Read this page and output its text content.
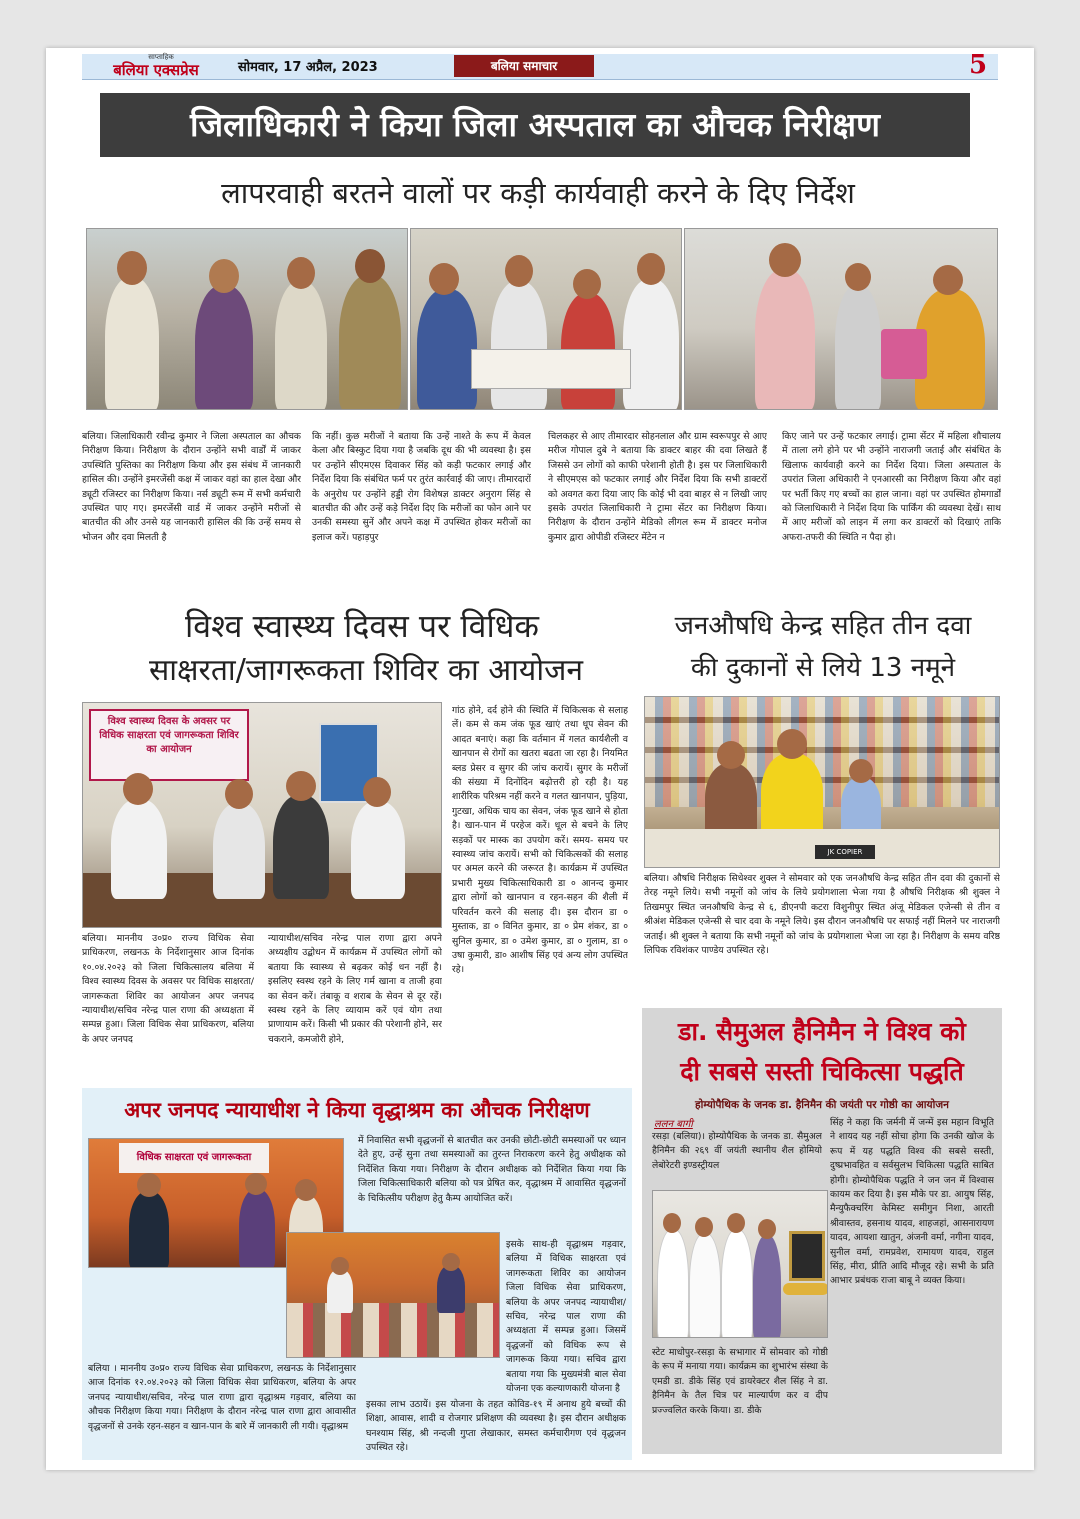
साप्ताहिक
बलिया एक्सप्रेस	सोमवार, 17 अप्रैल, 2023	बलिया समाचार	5
जिलाधिकारी ने किया जिला अस्पताल का औचक निरीक्षण
लापरवाही बरतने वालों पर कड़ी कार्यवाही करने के दिए निर्देश
बलिया। जिलाधिकारी रवीन्द्र कुमार ने जिला अस्पताल का औचक निरीक्षण किया। निरीक्षण के दौरान उन्होंने सभी वार्डों में जाकर उपस्थिति पुस्तिका का निरीक्षण किया और इस संबंध में जानकारी हासिल की। उन्होंने इमरजेंसी कक्ष में जाकर वहां का हाल देखा और ड्यूटी रजिस्टर का निरीक्षण किया। नर्स ड्यूटी रूम में सभी कर्मचारी उपस्थित पाए गए। इमरजेंसी वार्ड में जाकर उन्होंने मरीजों से बातचीत की और उनसे यह जानकारी हासिल की कि उन्हें समय से भोजन और दवा मिलती है
कि नहीं। कुछ मरीजों ने बताया कि उन्हें नाश्ते के रूप में केवल केला और बिस्कुट दिया गया है जबकि दूध की भी व्यवस्था है। इस पर उन्होंने सीएमएस दिवाकर सिंह को कड़ी फटकार लगाई और निर्देश दिया कि संबंधित फर्म पर तुरंत कार्रवाई की जाए। तीमारदारों के अनुरोध पर उन्होंने हड्डी रोग विशेषज्ञ डाक्टर अनुराग सिंह से बातचीत की और उन्हें कड़े निर्देश दिए कि मरीजों का फोन आने पर उनकी समस्या सुनें और अपने कक्ष में उपस्थित होकर मरीजों का इलाज करें। पहाड़पुर
चिलकहर से आए तीमारदार सोहनलाल और ग्राम स्वरूपपुर से आए मरीज गोपाल दुबे ने बताया कि डाक्टर बाहर की दवा लिखते हैं जिससे उन लोगों को काफी परेशानी होती है। इस पर जिलाधिकारी ने सीएमएस को फटकार लगाई और निर्देश दिया कि सभी डाक्टरों को अवगत करा दिया जाए कि कोई भी दवा बाहर से न लिखी जाए इसके उपरांत जिलाधिकारी ने ट्रामा सेंटर का निरीक्षण किया। निरीक्षण के दौरान उन्होंने मेडिको लीगल रूम में डाक्टर मनोज कुमार द्वारा ओपीडी रजिस्टर मेंटेन न
किए जाने पर उन्हें फटकार लगाई। ट्रामा सेंटर में महिला शौचालय में ताला लगे होने पर भी उन्होंने नाराजगी जताई और संबंधित के खिलाफ कार्यवाही करने का निर्देश दिया। जिला अस्पताल के उपरांत जिला अधिकारी ने एनआरसी का निरीक्षण किया और वहां पर भर्ती किए गए बच्चों का हाल जाना। वहां पर उपस्थित होमगार्डों को जिलाधिकारी ने निर्देश दिया कि पार्किंग की व्यवस्था देखें। साथ में आए मरीजों को लाइन में लगा कर डाक्टरों को दिखाएं ताकि अफरा-तफरी की स्थिति न पैदा हो।
विश्व स्वास्थ्य दिवस पर विधिक
साक्षरता/जागरूकता शिविर का आयोजन
विश्व स्वास्थ्य दिवस के अवसर पर विधिक साक्षरता एवं जागरूकता शिविर का आयोजन
बलिया। माननीय उ०प्र० राज्य विधिक सेवा प्राधिकरण, लखनऊ के निर्देशानुसार आज दिनांक १०.०४.२०२३ को जिला चिकित्सालय बलिया में विश्व स्वास्थ्य दिवस के अवसर पर विधिक साक्षरता/जागरूकता शिविर का आयोजन अपर जनपद न्यायाधीश/सचिव नरेन्द्र पाल राणा की अध्यक्षता में सम्पन्न हुआ। जिला विधिक सेवा प्राधिकरण, बलिया के अपर जनपद
न्यायाधीश/सचिव नरेन्द्र पाल राणा द्वारा अपने अध्यक्षीय उद्बोधन में कार्यक्रम में उपस्थित लोगों को बताया कि स्वास्थ्य से बढ़कर कोई धन नहीं है। इसलिए स्वस्थ रहने के लिए गर्म खाना व ताजी हवा का सेवन करें। तंबाकू व शराब के सेवन से दूर रहें। स्वस्थ रहने के लिए व्यायाम करें एवं योग तथा प्राणायाम करें। किसी भी प्रकार की परेशानी होने, सर चकराने, कमजोरी होने,
गांठ होने, दर्द होने की स्थिति में चिकित्सक से सलाह लें। कम से कम जंक फूड खाएं तथा धूप सेवन की आदत बनाएं। कहा कि वर्तमान में गलत कार्यशैली व खानपान से रोगों का खतरा बढता जा रहा है। नियमित ब्लड प्रेसर व सुगर की जांच करायें। सुगर के मरीजों की संख्या में दिनोंदिन बढ़ोत्तरी हो रही है। यह शारीरिक परिश्रम नहीं करने व गलत खानपान, पुड़िया, गुटखा, अधिक चाय का सेवन, जंक फूड खाने से होता है। खान-पान में परहेज करें। धूल से बचने के लिए सड़कों पर मास्क का उपयोग करें। समय- समय पर स्वास्थ्य जांच करायें। सभी को चिकित्सकों की सलाह पर अमल करने की जरूरत है। कार्यक्रम में उपस्थित प्रभारी मुख्य चिकित्साधिकारी डा ० आनन्द कुमार द्वारा लोगों को खानपान व रहन-सहन की शैली में परिवर्तन करने की सलाह दी। इस दौरान डा ० मुस्ताक, डा ० विनित कुमार, डा ० प्रेम शंकर, डा ० सुनिल कुमार, डा ० उमेश कुमार, डा ० गुलाम, डा ० उषा कुमारी, डा० आशीष सिंह एवं अन्य लोग उपस्थित रहे।
जनऔषधि केन्द्र सहित तीन दवा
की दुकानों से लिये 13 नमूने
JK COPIER
बलिया। औषधि निरीक्षक सिधेश्वर शुक्ल ने सोमवार को एक जनऔषधि केन्द्र सहित तीन दवा की दुकानों से तेरह नमूने लिये। सभी नमूनों को जांच के लिये प्रयोगशाला भेजा गया है औषधि निरीक्षक श्री शुक्ल ने तिखमपुर स्थित जनऔषधि केन्द्र से ६, डीएनपी कटरा विशुनीपुर स्थित अंजू मेडिकल एजेन्सी से तीन व श्रीअंश मेडिकल एजेन्सी से चार दवा के नमूने लिये। इस दौरान जनऔषधि पर सफाई नहीं मिलने पर नाराजगी जताई। श्री शुक्ल ने बताया कि सभी नमूनों को जांच के प्रयोगशाला भेजा जा रहा है। निरीक्षण के समय वरिष्ठ लिपिक रविशंकर पाण्डेय उपस्थित रहे।
डा. सैमुअल हैनिमैन ने विश्व को
दी सबसे सस्ती चिकित्सा पद्धति
होम्योपैथिक के जनक डा. हैनिमैन की जयंती पर गोष्ठी का आयोजन
ललन बागी
रसड़ा (बलिया)। होम्योपैथिक के जनक डा. सैमुअल हैनिमैन की २६९ वीं जयंती स्थानीय शैल होमियो लेबोरेटरी इण्डस्ट्रीयल
सिंह ने कहा कि जर्मनी में जन्में इस महान विभूति ने शायद यह नहीं सोचा होगा कि उनकी खोज के रूप में यह पद्धति विश्व की सबसे सस्ती, दुष्प्रभावहित व सर्वसुलभ चिकित्सा पद्धति साबित होगी। होम्योपैथिक पद्धति ने जन जन में विश्वास कायम कर दिया है। इस मौके पर डा. आयुष सिंह, मैन्युफैक्चरिंग केमिस्ट समीगुन निशा, आरती श्रीवास्तव, हसनाथ यादव, शाहजहां, आसनारायण यादव, आयशा खातुन, अंजनी वर्मा, नगीना यादव, सुनील वर्मा, रामप्रवेश, रामायण यादव, राहुल सिंह, मीरा, प्रीति आदि मौजूद रहे। सभी के प्रति आभार प्रबंधक राजा बाबू ने व्यक्त किया।
स्टेट माधोपुर-रसड़ा के सभागार में सोमवार को गोष्ठी के रूप में मनाया गया। कार्यक्रम का शुभारंभ संस्था के एमडी डा. डीके सिंह एवं डायरेक्टर शैल सिंह ने डा. हैनिमैन के तैल चित्र पर माल्यार्पण कर व दीप प्रज्ज्वलित करके किया। डा. डीके
अपर जनपद न्यायाधीश ने किया वृद्धाश्रम का औचक निरीक्षण
में निवासित सभी वृद्धजनों से बातचीत कर उनकी छोटी-छोटी समस्याओं पर ध्यान देते हुए, उन्हें सुना तथा समस्याओं का तुरन्त निराकरण करने हेतु अधीक्षक को निर्देशित किया गया। निरीक्षण के दौरान अधीक्षक को निर्देशित किया गया कि जिला चिकित्साधिकारी बलिया को पत्र प्रेषित कर, वृद्धाश्रम में आवासित वृद्धजनों के चिकित्सीय परीक्षण हेतु कैम्प आयोजित करें।
विधिक साक्षरता एवं जागरूकता
इसके साथ-ही वृद्धाश्रम गड़वार, बलिया में विधिक साक्षरता एवं जागरूकता शिविर का आयोजन जिला विधिक सेवा प्राधिकरण, बलिया के अपर जनपद न्यायाधीश/सचिव, नरेन्द्र पाल राणा की अध्यक्षता में सम्पन्न हुआ। जिसमें वृद्धजनों को विधिक रूप से जागरूक किया गया। सचिव द्वारा बताया गया कि मुख्यमंत्री बाल सेवा योजना एक कल्याणकारी योजना है
बलिया । माननीय उ०प्र० राज्य विधिक सेवा प्राधिकरण, लखनऊ के निर्देशानुसार आज दिनांक १२.०४.२०२३ को जिला विधिक सेवा प्राधिकरण, बलिया के अपर जनपद न्यायाधीश/सचिव, नरेन्द्र पाल राणा द्वारा वृद्धाश्रम गड़वार, बलिया का औचक निरीक्षण किया गया। निरीक्षण के दौरान नरेन्द्र पाल राणा द्वारा आवासीत वृद्धजनों से उनके रहन-सहन व खान-पान के बारे में जानकारी ली गयी। वृद्धाश्रम
इसका लाभ उठायें। इस योजना के तहत कोविड-१९ में अनाथ हुये बच्चों की शिक्षा, आवास, शादी व रोजगार प्रशिक्षण की व्यवस्था है। इस दौरान अधीक्षक घनश्याम सिंह, श्री नन्दजी गुप्ता लेखाकार, समस्त कर्मचारीगण एवं वृद्धजन उपस्थित रहे।
